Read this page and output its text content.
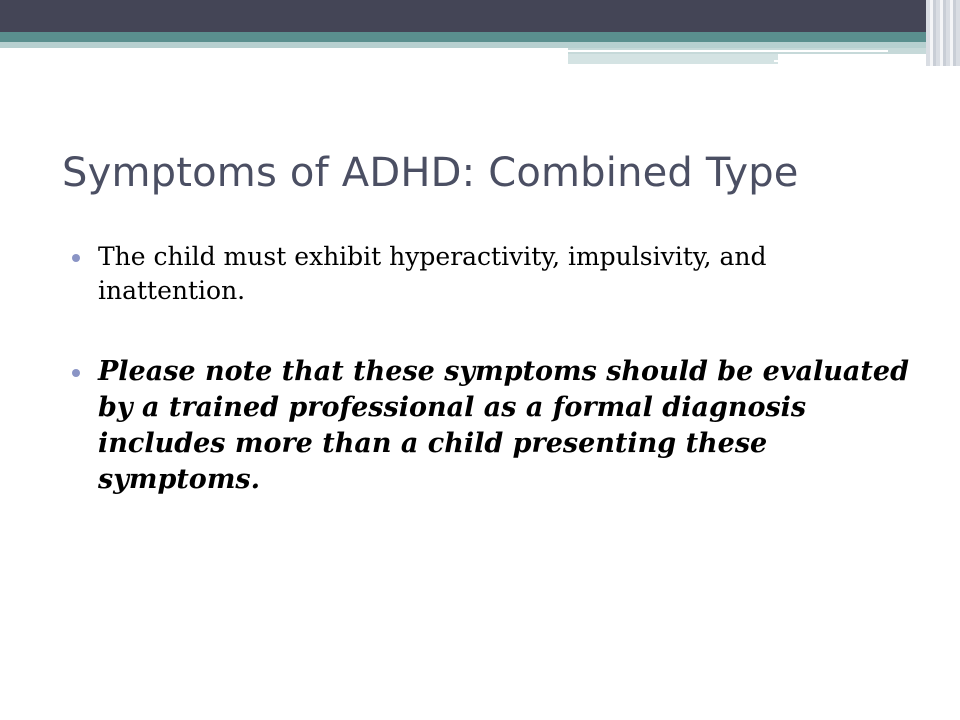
Symptoms of ADHD: Combined Type
The child must exhibit hyperactivity, impulsivity, and inattention.
Please note that these symptoms should be evaluated by a trained professional as a formal diagnosis includes more than a child presenting these symptoms.
